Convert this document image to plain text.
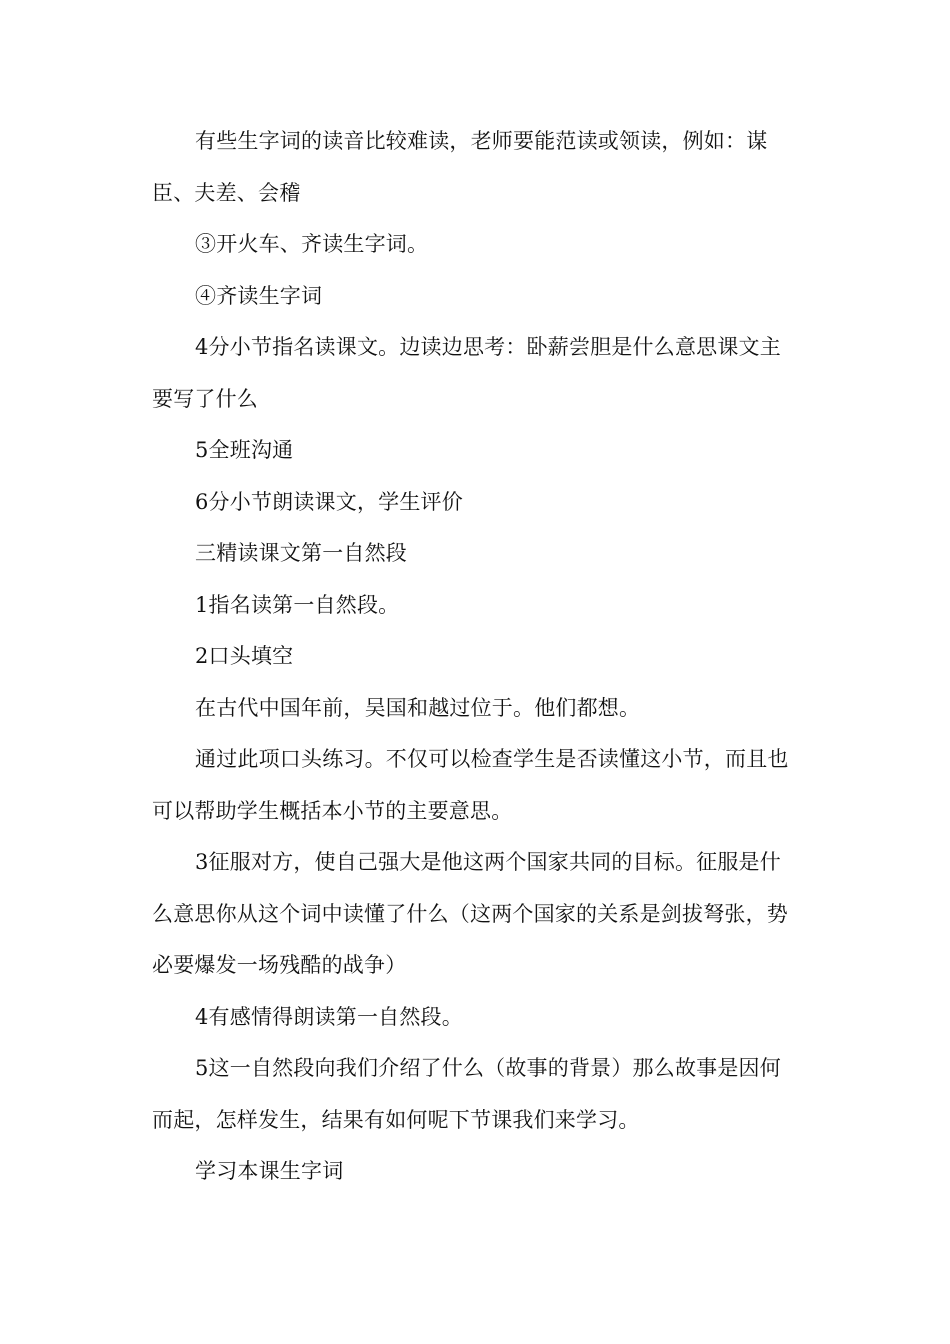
有些生字词的读音比较难读，老师要能范读或领读，例如：谋臣、夫差、会稽

③开火车、齐读生字词。

④齐读生字词

4分小节指名读课文。边读边思考：卧薪尝胆是什么意思课文主要写了什么

5全班沟通

6分小节朗读课文，学生评价

三精读课文第一自然段

1指名读第一自然段。

2口头填空

在古代中国年前，吴国和越过位于。他们都想。

通过此项口头练习。不仅可以检查学生是否读懂这小节，而且也可以帮助学生概括本小节的主要意思。

3征服对方，使自己强大是他这两个国家共同的目标。征服是什么意思你从这个词中读懂了什么（这两个国家的关系是剑拔弩张，势必要爆发一场残酷的战争）

4有感情得朗读第一自然段。

5这一自然段向我们介绍了什么（故事的背景）那么故事是因何而起，怎样发生，结果有如何呢下节课我们来学习。

学习本课生字词
